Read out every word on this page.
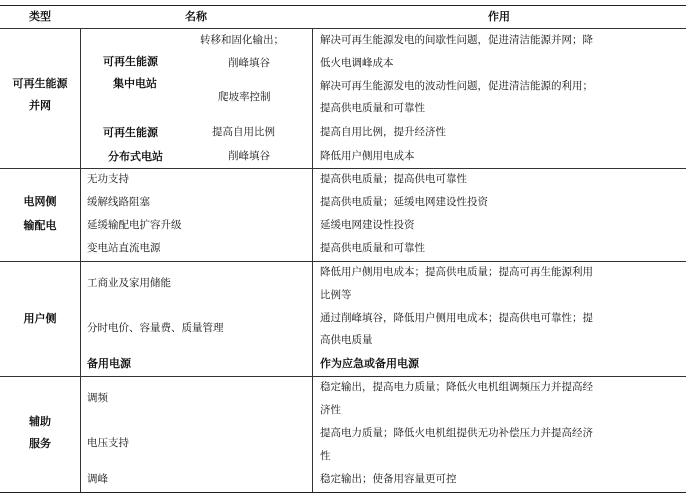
类型	名称	作用
可再生能源
并网
可再生能源
集中电站
转移和固化输出；
削峰填谷
爬坡率控制
解决可再生能源发电的间歇性问题，促进清洁能源并网；降
低火电调峰成本
解决可再生能源发电的波动性问题，促进清洁能源的利用；
提高供电质量和可靠性
可再生能源
分布式电站
提高自用比例
削峰填谷
提高自用比例，提升经济性
降低用户侧用电成本
电网侧
输配电
无功支持
缓解线路阻塞
延缓输配电扩容升级
变电站直流电源
提高供电质量；提高供电可靠性
提高供电质量；延缓电网建设性投资
延缓电网建设性投资
提高供电质量和可靠性
用户侧
工商业及家用储能
分时电价、容量费、质量管理
备用电源
降低用户侧用电成本；提高供电质量；提高可再生能源利用
比例等
通过削峰填谷，降低用户侧用电成本；提高供电可靠性；提
高供电质量
作为应急或备用电源
辅助
服务
调频
电压支持
调峰
稳定输出，提高电力质量；降低火电机组调频压力并提高经
济性
提高电力质量；降低火电机组提供无功补偿压力并提高经济
性
稳定输出；使备用容量更可控
